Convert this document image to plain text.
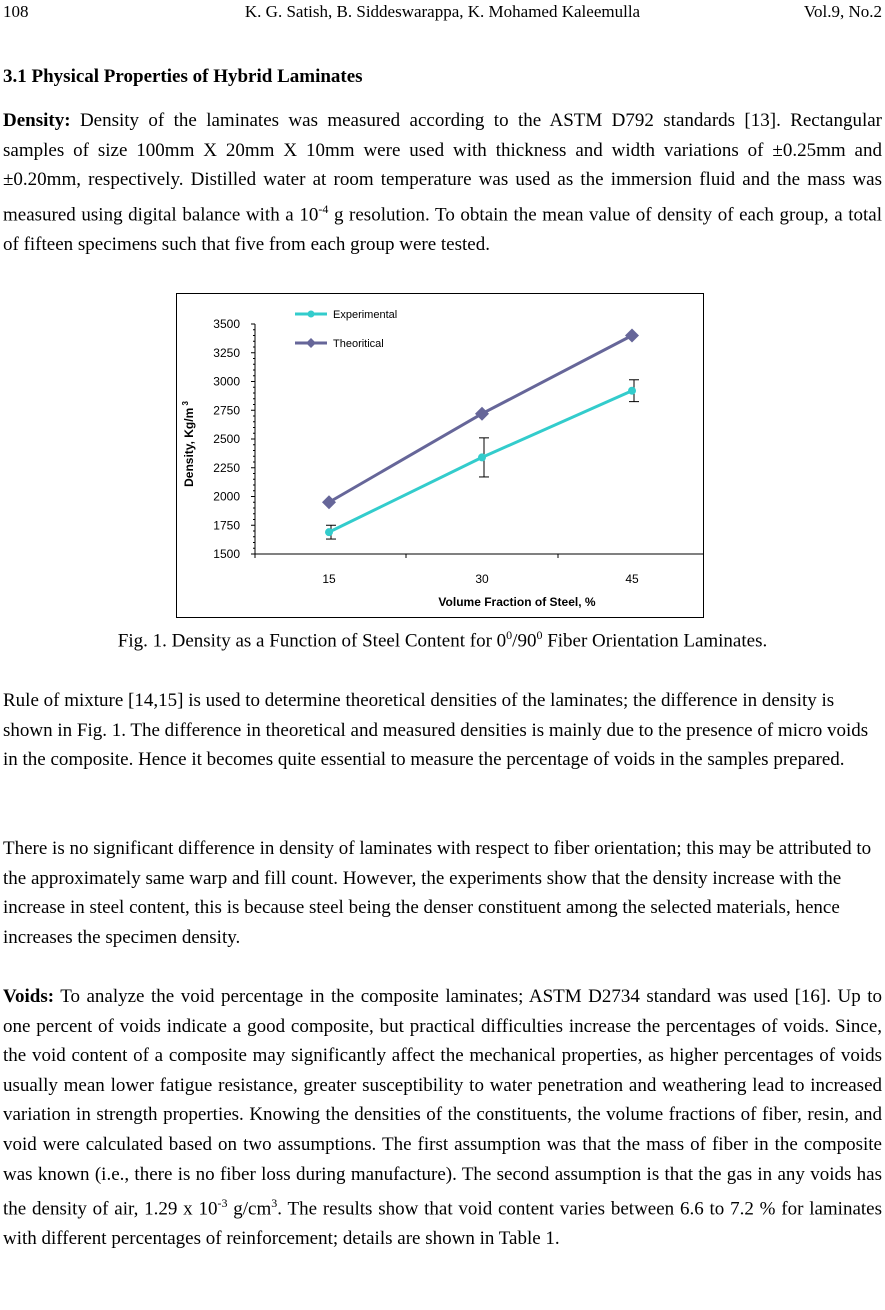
108	K. G. Satish, B. Siddeswarappa, K. Mohamed Kaleemulla	Vol.9, No.2
3.1 Physical Properties of Hybrid Laminates

Density: Density of the laminates was measured according to the ASTM D792 standards [13]. Rectangular samples of size 100mm X 20mm X 10mm were used with thickness and width variations of ±0.25mm and ±0.20mm, respectively. Distilled water at room temperature was used as the immersion fluid and the mass was measured using digital balance with a $10^{-4}$ g resolution. To obtain the mean value of density of each group, a total of fifteen specimens such that five from each group were tested.

1500
1750
2000
2250
2500
2750
3000
3250
3500
15	30	45
Volume Fraction of Steel, %
Density, Kg/m $^3$
Experimental
Theoritical
Fig. 1. Density as a Function of Steel Content for $0^0/90^0$ Fiber Orientation Laminates.

Rule of mixture [14,15] is used to determine theoretical densities of the laminates; the difference in density is shown in Fig. 1. The difference in theoretical and measured densities is mainly due to the presence of micro voids in the composite. Hence it becomes quite essential to measure the percentage of voids in the samples prepared.

There is no significant difference in density of laminates with respect to fiber orientation; this may be attributed to the approximately same warp and fill count. However, the experiments show that the density increase with the increase in steel content, this is because steel being the denser constituent among the selected materials, hence increases the specimen density.

Voids: To analyze the void percentage in the composite laminates; ASTM D2734 standard was used [16]. Up to one percent of voids indicate a good composite, but practical difficulties increase the percentages of voids. Since, the void content of a composite may significantly affect the mechanical properties, as higher percentages of voids usually mean lower fatigue resistance, greater susceptibility to water penetration and weathering lead to increased variation in strength properties. Knowing the densities of the constituents, the volume fractions of fiber, resin, and void were calculated based on two assumptions. The first assumption was that the mass of fiber in the composite was known (i.e., there is no fiber loss during manufacture). The second assumption is that the gas in any voids has the density of air, 1.29 x $10^{-3}$ $g/cm^3$. The results show that void content varies between 6.6 to 7.2 % for laminates with different percentages of reinforcement; details are shown in Table 1.
